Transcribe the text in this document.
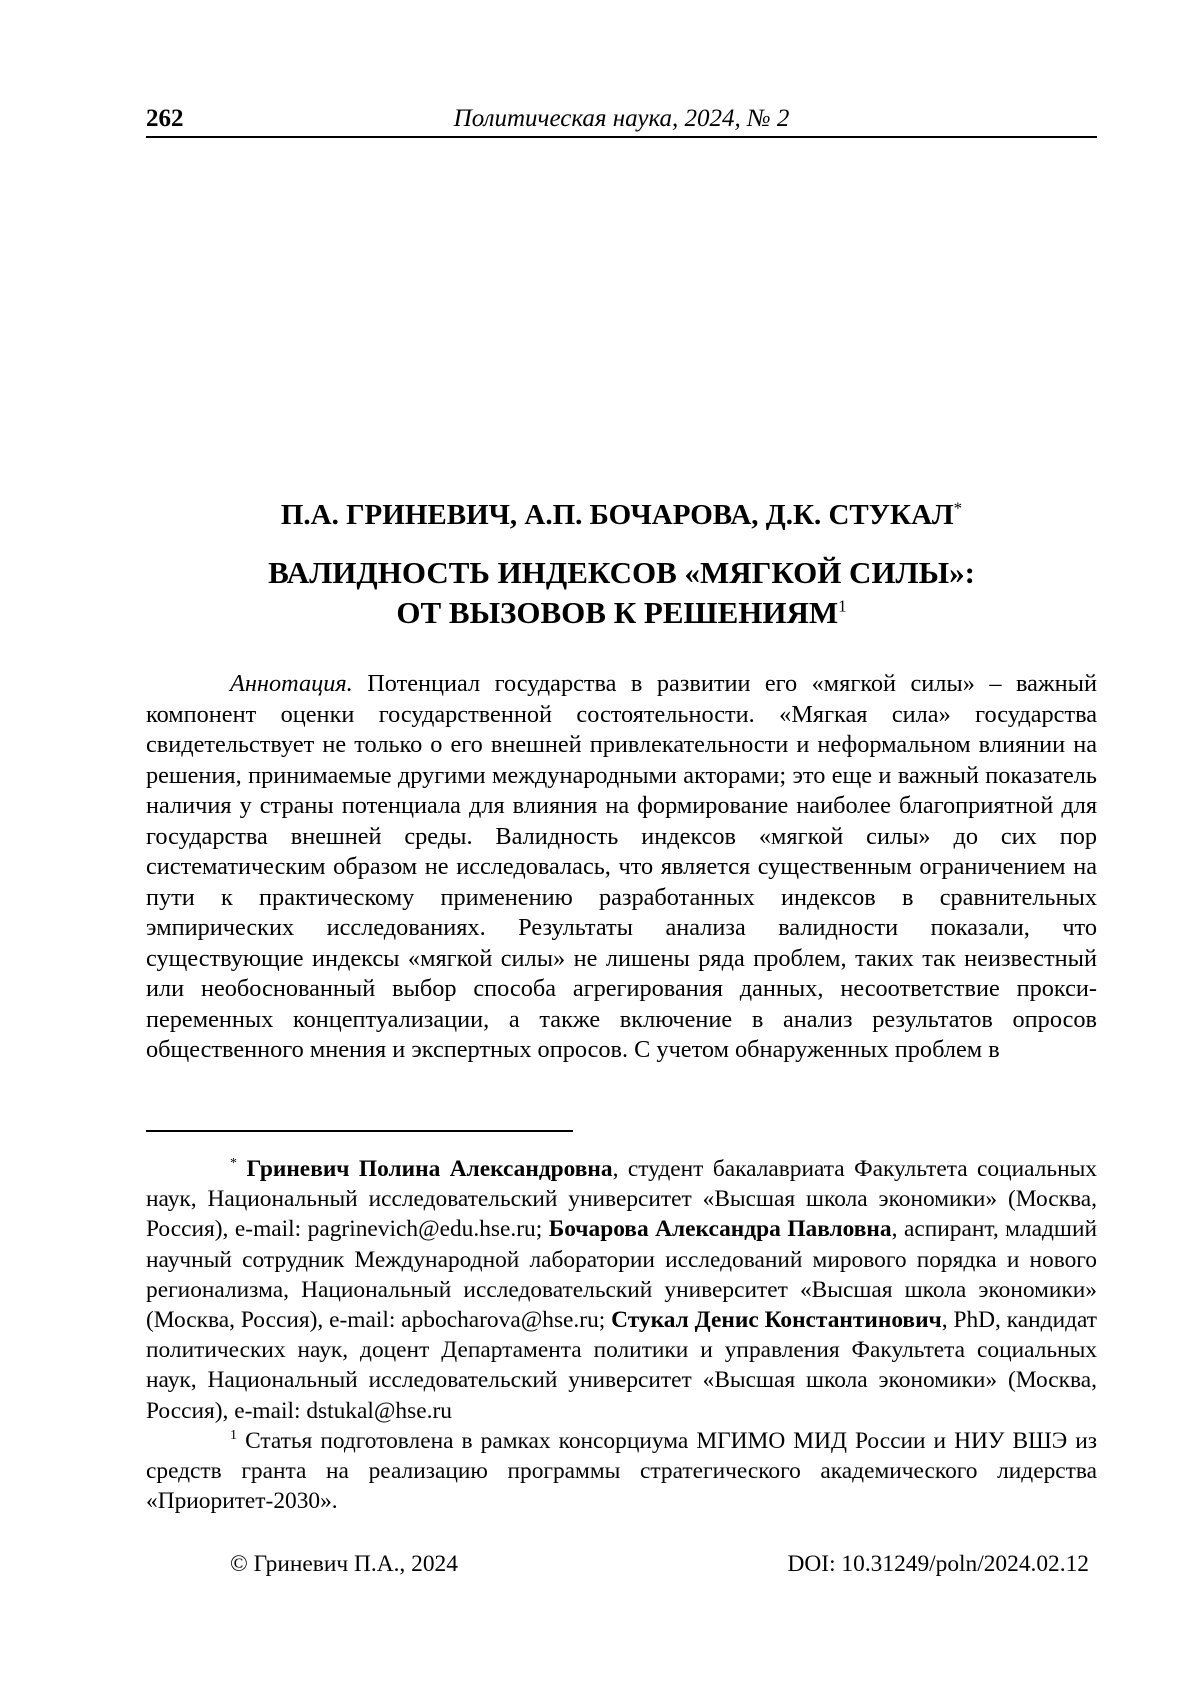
262	Политическая наука, 2024, № 2
П.А. ГРИНЕВИЧ, А.П. БОЧАРОВА, Д.К. СТУКАЛ*
ВАЛИДНОСТЬ ИНДЕКСОВ «МЯГКОЙ СИЛЫ»:
ОТ ВЫЗОВОВ К РЕШЕНИЯМ1

Аннотация. Потенциал государства в развитии его «мягкой силы» – важный компонент оценки государственной состоятельности. «Мягкая сила» государства свидетельствует не только о его внешней привлекательности и неформальном влиянии на решения, принимаемые другими международными акторами; это еще и важный показатель наличия у страны потенциала для влияния на формирование наиболее благоприятной для государства внешней среды. Валидность индексов «мягкой силы» до сих пор систематическим образом не исследовалась, что является существенным ограничением на пути к практическому применению разработанных индексов в сравнительных эмпирических исследованиях. Результаты анализа валидности показали, что существующие индексы «мягкой силы» не лишены ряда проблем, таких так неизвестный или необоснованный выбор способа агрегирования данных, несоответствие прокси-переменных концептуализации, а также включение в анализ результатов опросов общественного мнения и экспертных опросов. С учетом обнаруженных проблем в

* Гриневич Полина Александровна, студент бакалавриата Факультета социальных наук, Национальный исследовательский университет «Высшая школа экономики» (Москва, Россия), e-mail: pagrinevich@edu.hse.ru; Бочарова Александра Павловна, аспирант, младший научный сотрудник Международной лаборатории исследований мирового порядка и нового регионализма, Национальный исследовательский университет «Высшая школа экономики» (Москва, Россия), e-mail: apbocharova@hse.ru; Стукал Денис Константинович, PhD, кандидат политических наук, доцент Департамента политики и управления Факультета социальных наук, Национальный исследовательский университет «Высшая школа экономики» (Москва, Россия), e-mail: dstukal@hse.ru

1 Статья подготовлена в рамках консорциума МГИМО МИД России и НИУ ВШЭ из средств гранта на реализацию программы стратегического академического лидерства «Приоритет-2030».

© Гриневич П.А., 2024	DOI: 10.31249/poln/2024.02.12
